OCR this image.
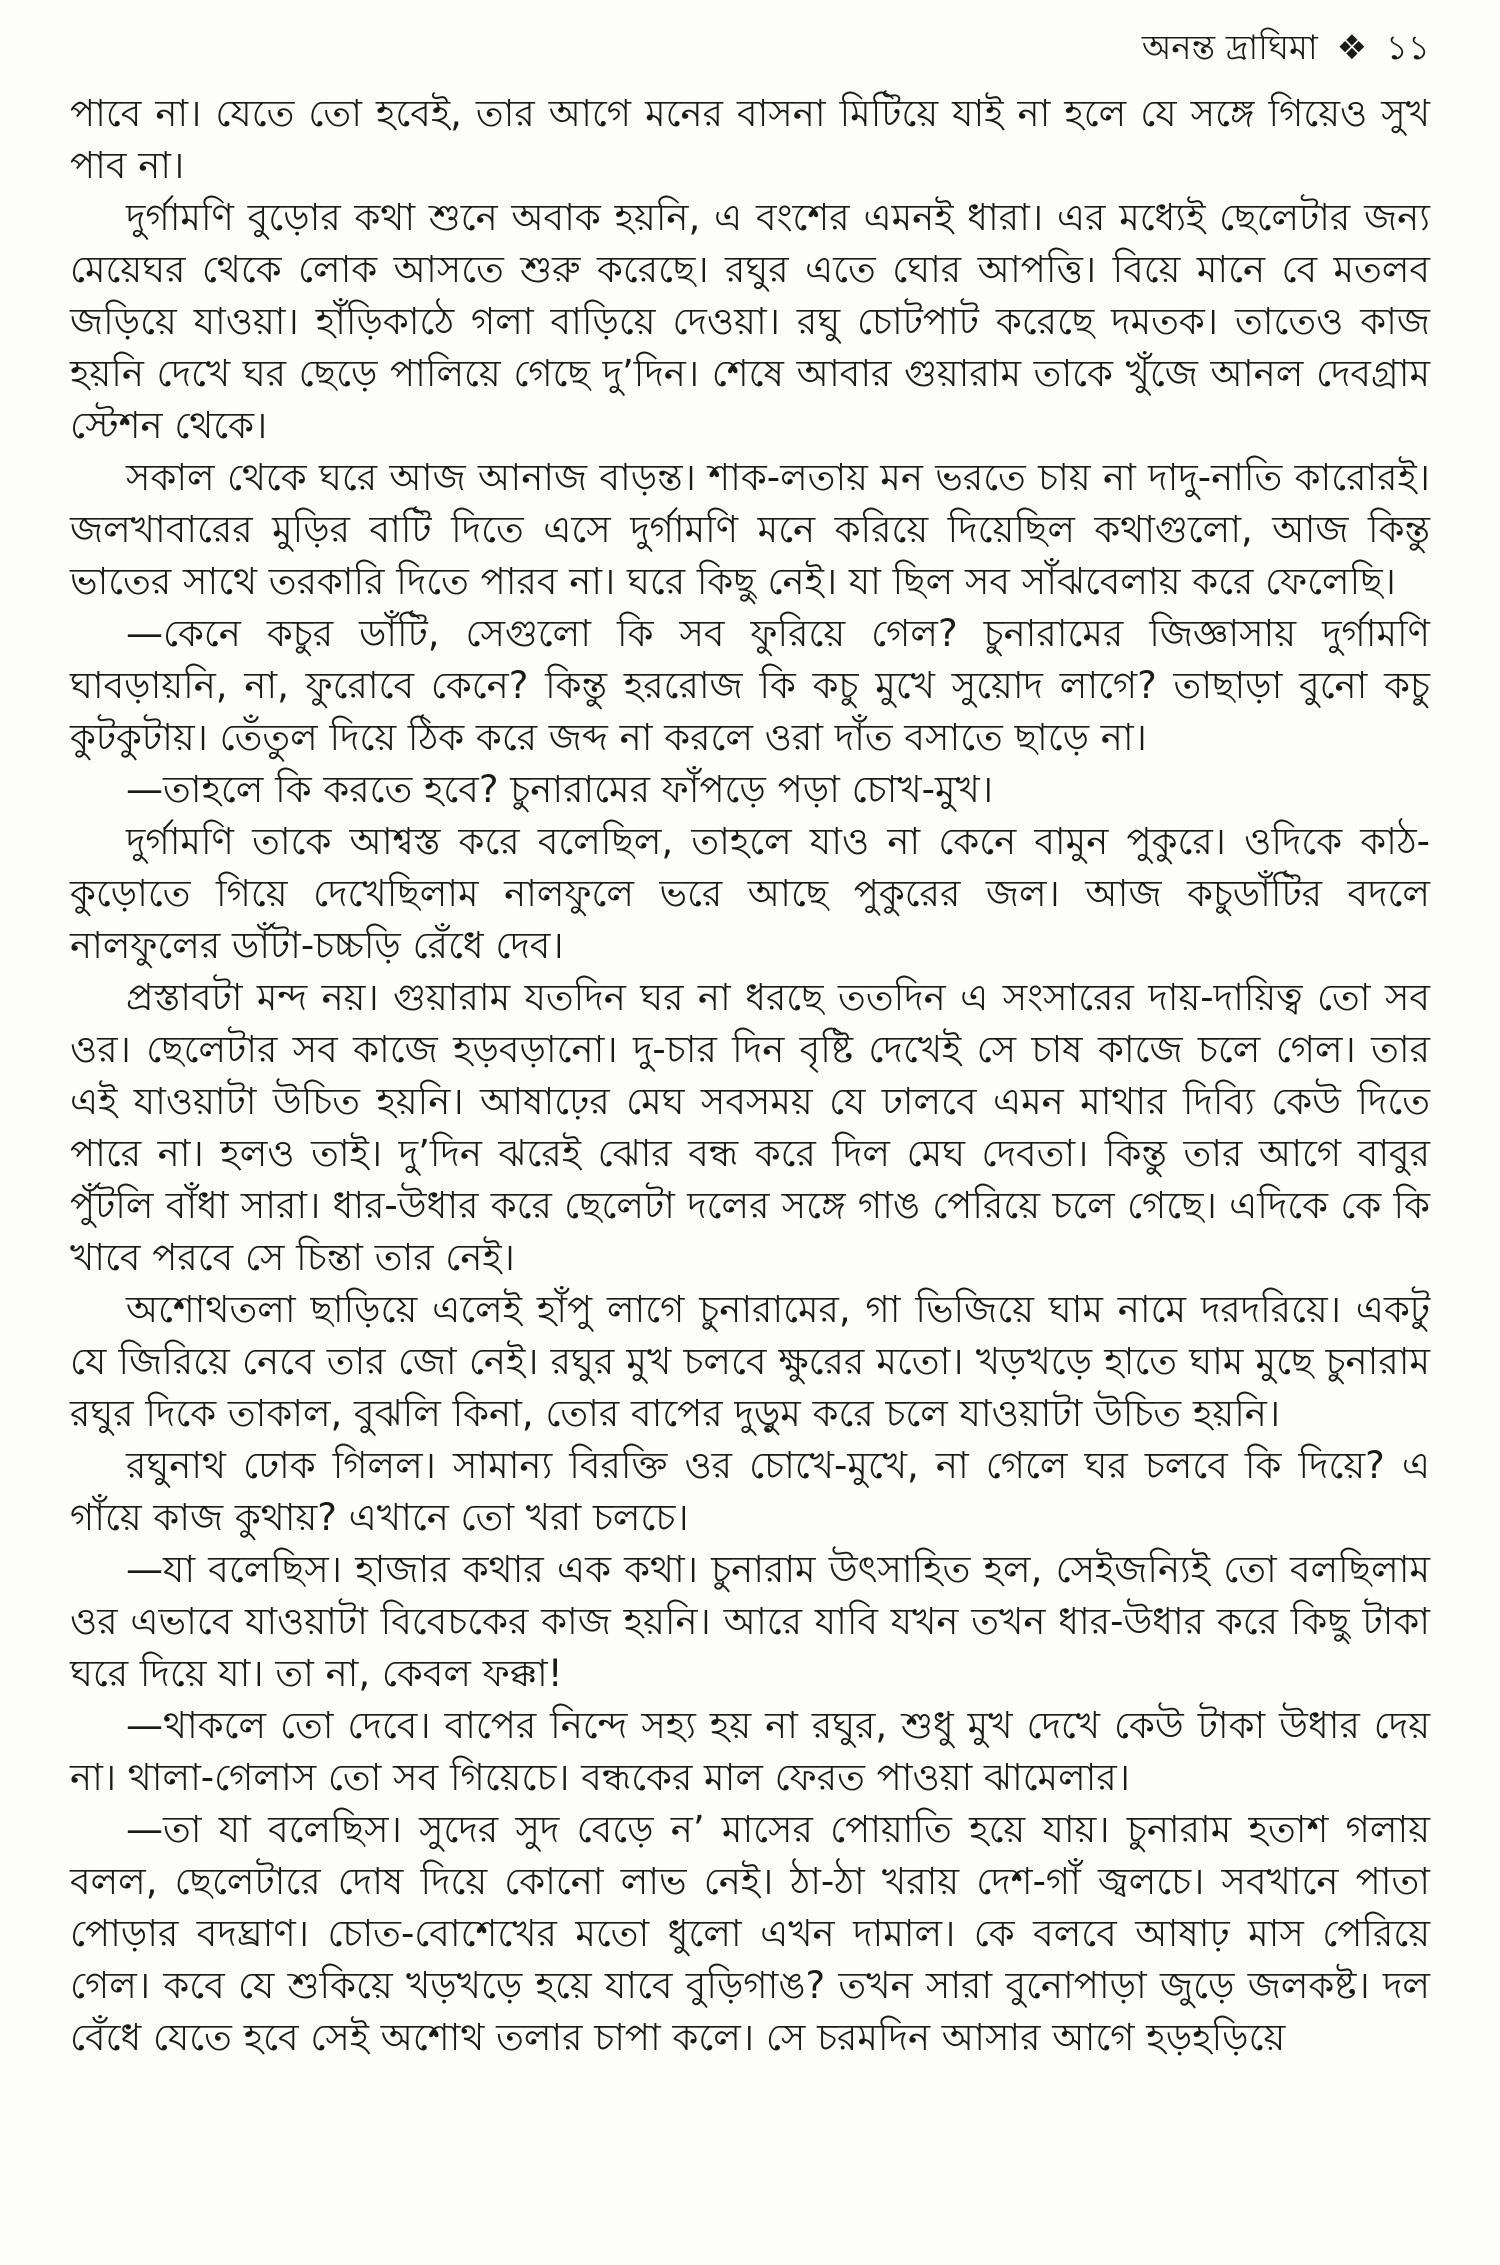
অনন্ত দ্রাঘিমা ❖ ১১

পাবে না। যেতে তো হবেই, তার আগে মনের বাসনা মিটিয়ে যাই না হলে যে সঙ্গে গিয়েও সুখ পাব না।

দুর্গামণি বুড়োর কথা শুনে অবাক হয়নি, এ বংশের এমনই ধারা। এর মধ্যেই ছেলেটার জন্য মেয়েঘর থেকে লোক আসতে শুরু করেছে। রঘুর এতে ঘোর আপত্তি। বিয়ে মানে বে মতলব জড়িয়ে যাওয়া। হাঁড়িকাঠে গলা বাড়িয়ে দেওয়া। রঘু চোটপাট করেছে দমতক। তাতেও কাজ হয়নি দেখে ঘর ছেড়ে পালিয়ে গেছে দু’দিন। শেষে আবার গুয়ারাম তাকে খুঁজে আনল দেবগ্রাম স্টেশন থেকে।

সকাল থেকে ঘরে আজ আনাজ বাড়ন্ত। শাক-লতায় মন ভরতে চায় না দাদু-নাতি কারোরই। জলখাবারের মুড়ির বাটি দিতে এসে দুর্গামণি মনে করিয়ে দিয়েছিল কথাগুলো, আজ কিন্তু ভাতের সাথে তরকারি দিতে পারব না। ঘরে কিছু নেই। যা ছিল সব সাঁঝবেলায় করে ফেলেছি।

—কেনে কচুর ডাঁটি, সেগুলো কি সব ফুরিয়ে গেল? চুনারামের জিজ্ঞাসায় দুর্গামণি ঘাবড়ায়নি, না, ফুরোবে কেনে? কিন্তু হররোজ কি কচু মুখে সুয়োদ লাগে? তাছাড়া বুনো কচু কুটকুটায়। তেঁতুল দিয়ে ঠিক করে জব্দ না করলে ওরা দাঁত বসাতে ছাড়ে না।

—তাহলে কি করতে হবে? চুনারামের ফাঁপড়ে পড়া চোখ-মুখ।

দুর্গামণি তাকে আশ্বস্ত করে বলেছিল, তাহলে যাও না কেনে বামুন পুকুরে। ওদিকে কাঠ-কুড়োতে গিয়ে দেখেছিলাম নালফুলে ভরে আছে পুকুরের জল। আজ কচুডাঁটির বদলে নালফুলের ডাঁটা-চচ্চড়ি রেঁধে দেব।

প্রস্তাবটা মন্দ নয়। গুয়ারাম যতদিন ঘর না ধরছে ততদিন এ সংসারের দায়-দায়িত্ব তো সব ওর। ছেলেটার সব কাজে হড়বড়ানো। দু-চার দিন বৃষ্টি দেখেই সে চাষ কাজে চলে গেল। তার এই যাওয়াটা উচিত হয়নি। আষাঢ়ের মেঘ সবসময় যে ঢালবে এমন মাথার দিব্যি কেউ দিতে পারে না। হলও তাই। দু’দিন ঝরেই ঝোর বন্ধ করে দিল মেঘ দেবতা। কিন্তু তার আগে বাবুর পুঁটলি বাঁধা সারা। ধার-উধার করে ছেলেটা দলের সঙ্গে গাঙ পেরিয়ে চলে গেছে। এদিকে কে কি খাবে পরবে সে চিন্তা তার নেই।

অশোথতলা ছাড়িয়ে এলেই হাঁপু লাগে চুনারামের, গা ভিজিয়ে ঘাম নামে দরদরিয়ে। একটু যে জিরিয়ে নেবে তার জো নেই। রঘুর মুখ চলবে ক্ষুরের মতো। খড়খড়ে হাতে ঘাম মুছে চুনারাম রঘুর দিকে তাকাল, বুঝলি কিনা, তোর বাপের দুড়ুম করে চলে যাওয়াটা উচিত হয়নি।

রঘুনাথ ঢোক গিলল। সামান্য বিরক্তি ওর চোখে-মুখে, না গেলে ঘর চলবে কি দিয়ে? এ গাঁয়ে কাজ কুথায়? এখানে তো খরা চলচে।

—যা বলেছিস। হাজার কথার এক কথা। চুনারাম উৎসাহিত হল, সেইজন্যিই তো বলছিলাম ওর এভাবে যাওয়াটা বিবেচকের কাজ হয়নি। আরে যাবি যখন তখন ধার-উধার করে কিছু টাকা ঘরে দিয়ে যা। তা না, কেবল ফক্কা!

—থাকলে তো দেবে। বাপের নিন্দে সহ্য হয় না রঘুর, শুধু মুখ দেখে কেউ টাকা উধার দেয় না। থালা-গেলাস তো সব গিয়েচে। বন্ধকের মাল ফেরত পাওয়া ঝামেলার।

—তা যা বলেছিস। সুদের সুদ বেড়ে ন’ মাসের পোয়াতি হয়ে যায়। চুনারাম হতাশ গলায় বলল, ছেলেটারে দোষ দিয়ে কোনো লাভ নেই। ঠা-ঠা খরায় দেশ-গাঁ জ্বলচে। সবখানে পাতা পোড়ার বদঘ্রাণ। চোত-বোশেখের মতো ধুলো এখন দামাল। কে বলবে আষাঢ় মাস পেরিয়ে গেল। কবে যে শুকিয়ে খড়খড়ে হয়ে যাবে বুড়িগাঙ? তখন সারা বুনোপাড়া জুড়ে জলকষ্ট। দল বেঁধে যেতে হবে সেই অশোথ তলার চাপা কলে। সে চরমদিন আসার আগে হড়হড়িয়ে
